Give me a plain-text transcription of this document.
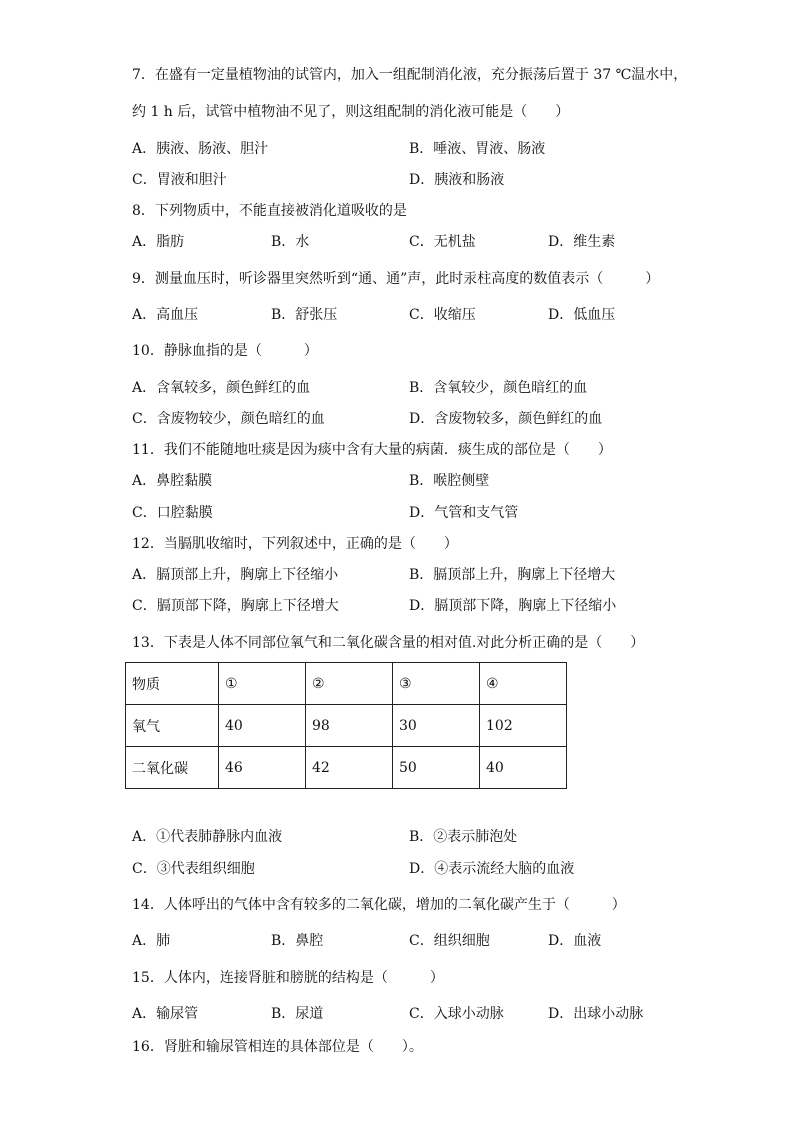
7．在盛有一定量植物油的试管内，加入一组配制消化液，充分振荡后置于 37 ℃温水中，
约 1 h 后，试管中植物油不见了，则这组配制的消化液可能是（　　）
A．胰液、肠液、胆汁	B．唾液、胃液、肠液
C．胃液和胆汁	D．胰液和肠液
8．下列物质中，不能直接被消化道吸收的是
A．脂肪	B．水	C．无机盐	D．维生素
9．测量血压时，听诊器里突然听到“通、通”声，此时汞柱高度的数值表示（　　　）
A．高血压	B．舒张压	C．收缩压	D．低血压
10．静脉血指的是（　　　）
A．含氧较多，颜色鲜红的血	B．含氧较少，颜色暗红的血
C．含废物较少，颜色暗红的血	D．含废物较多，颜色鲜红的血
11．我们不能随地吐痰是因为痰中含有大量的病菌．痰生成的部位是（　　）
A．鼻腔黏膜	B．喉腔侧壁
C．口腔黏膜	D．气管和支气管
12．当膈肌收缩时，下列叙述中，正确的是（　　）
A．膈顶部上升，胸廓上下径缩小	B．膈顶部上升，胸廓上下径增大
C．膈顶部下降，胸廓上下径增大	D．膈顶部下降，胸廓上下径缩小
13．下表是人体不同部位氧气和二氧化碳含量的相对值.对此分析正确的是（　　）
物质	①	②	③	④
氧气	40	98	30	102
二氧化碳	46	42	50	40
A．①代表肺静脉内血液	B．②表示肺泡处
C．③代表组织细胞	D．④表示流经大脑的血液
14．人体呼出的气体中含有较多的二氧化碳，增加的二氧化碳产生于（　　　）
A．肺	B．鼻腔	C．组织细胞	D．血液
15．人体内，连接肾脏和膀胱的结构是（　　　）
A．输尿管	B．尿道	C．入球小动脉	D．出球小动脉
16．肾脏和输尿管相连的具体部位是（　　）。
